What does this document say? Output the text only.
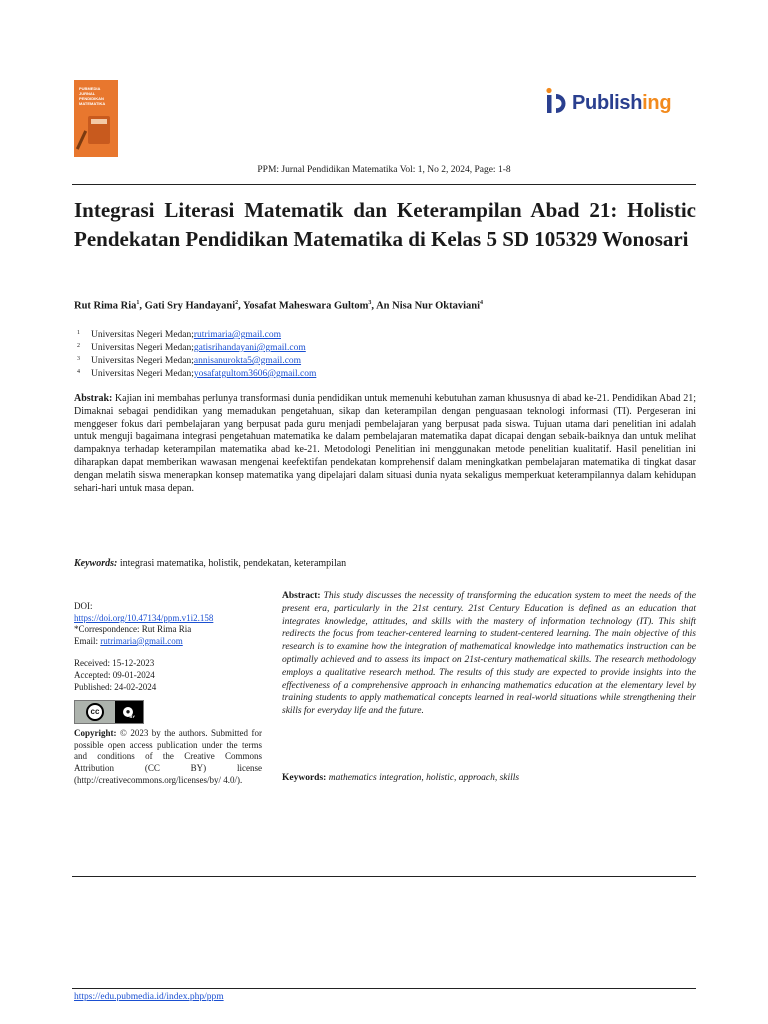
PUBMEDIA JURNAL PENDIDIKAN MATEMATIKA	Publish ing
PPM: Jurnal Pendidikan Matematika Vol: 1, No 2, 2024, Page: 1-8
Integrasi Literasi Matematik dan Keterampilan Abad 21: Holistic Pendekatan Pendidikan Matematika di Kelas 5 SD 105329 Wonosari
Rut Rima Ria$^1$, Gati Sry Handayani$^2$, Yosafat Maheswara Gultom$^3$, An Nisa Nur Oktaviani$^4$
1	Universitas Negeri Medan; rutrimaria@gmail.com
2	Universitas Negeri Medan; gatisrihandayani@gmail.com
3	Universitas Negeri Medan; annisanurokta5@gmail.com
4	Universitas Negeri Medan; yosafatgultom3606@gmail.com

Abstrak: Kajian ini membahas perlunya transformasi dunia pendidikan untuk memenuhi kebutuhan zaman khususnya di abad ke-21. Pendidikan Abad 21; Dimaknai sebagai pendidikan yang memadukan pengetahuan, sikap dan keterampilan dengan penguasaan teknologi informasi (TI). Pergeseran ini menggeser fokus dari pembelajaran yang berpusat pada guru menjadi pembelajaran yang berpusat pada siswa. Tujuan utama dari penelitian ini adalah untuk menguji bagaimana integrasi pengetahuan matematika ke dalam pembelajaran matematika dapat dicapai dengan sebaik-baiknya dan untuk melihat dampaknya terhadap keterampilan matematika abad ke-21. Metodologi Penelitian ini menggunakan metode penelitian kualitatif. Hasil penelitian ini diharapkan dapat memberikan wawasan mengenai keefektifan pendekatan komprehensif dalam meningkatkan pembelajaran matematika di tingkat dasar dengan melatih siswa menerapkan konsep matematika yang dipelajari dalam situasi dunia nyata sekaligus memperkuat keterampilannya dalam kehidupan sehari-hari untuk masa depan.

Keywords: integrasi matematika, holistik, pendekatan, keterampilan

DOI:
https://doi.org/10.47134/ppm.v1i2.158
*Correspondence: Rut Rima Ria
Email: rutrimaria@gmail.com
Received: 15-12-2023
Accepted: 09-01-2024
Published: 24-02-2024
cc	● BY

Copyright: © 2023 by the authors. Submitted for possible open access publication under the terms and conditions of the Creative Commons Attribution (CC BY) license (http://creativecommons.org/licenses/by/ 4.0/).

Abstract: This study discusses the necessity of transforming the education system to meet the needs of the present era, particularly in the 21st century. 21st Century Education is defined as an education that integrates knowledge, attitudes, and skills with the mastery of information technology (IT). This shift redirects the focus from teacher-centered learning to student-centered learning. The main objective of this research is to examine how the integration of mathematical knowledge into mathematics instruction can be optimally achieved and to assess its impact on 21st-century mathematical skills. The research methodology employs a qualitative research method. The results of this study are expected to provide insights into the effectiveness of a comprehensive approach in enhancing mathematics education at the elementary level by training students to apply mathematical concepts learned in real-world situations while strengthening their skills for everyday life and the future.

Keywords: mathematics integration, holistic, approach, skills

https://edu.pubmedia.id/index.php/ppm
